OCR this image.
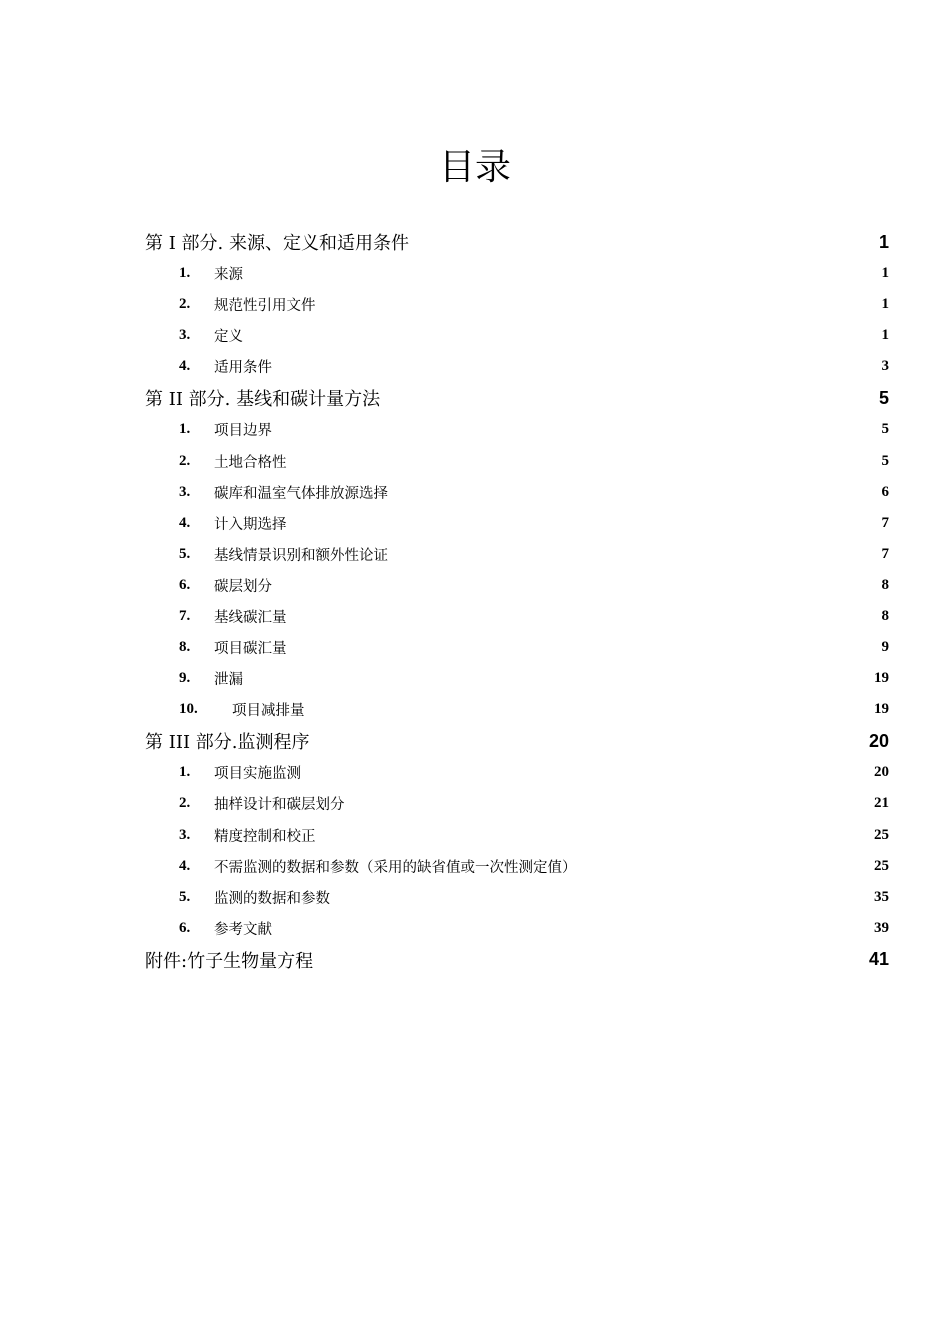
目录
第 I 部分. 来源、定义和适用条件	1
1.	来源	1
2.	规范性引用文件	1
3.	定义	1
4.	适用条件	3
第 II 部分. 基线和碳计量方法	5
1.	项目边界	5
2.	土地合格性	5
3.	碳库和温室气体排放源选择	6
4.	计入期选择	7
5.	基线情景识别和额外性论证	7
6.	碳层划分	8
7.	基线碳汇量	8
8.	项目碳汇量	9
9.	泄漏	19
10.	项目减排量	19
第 III 部分.监测程序	20
1.	项目实施监测	20
2.	抽样设计和碳层划分	21
3.	精度控制和校正	25
4.	不需监测的数据和参数（采用的缺省值或一次性测定值）	25
5.	监测的数据和参数	35
6.	参考文献	39
附件:竹子生物量方程	41
